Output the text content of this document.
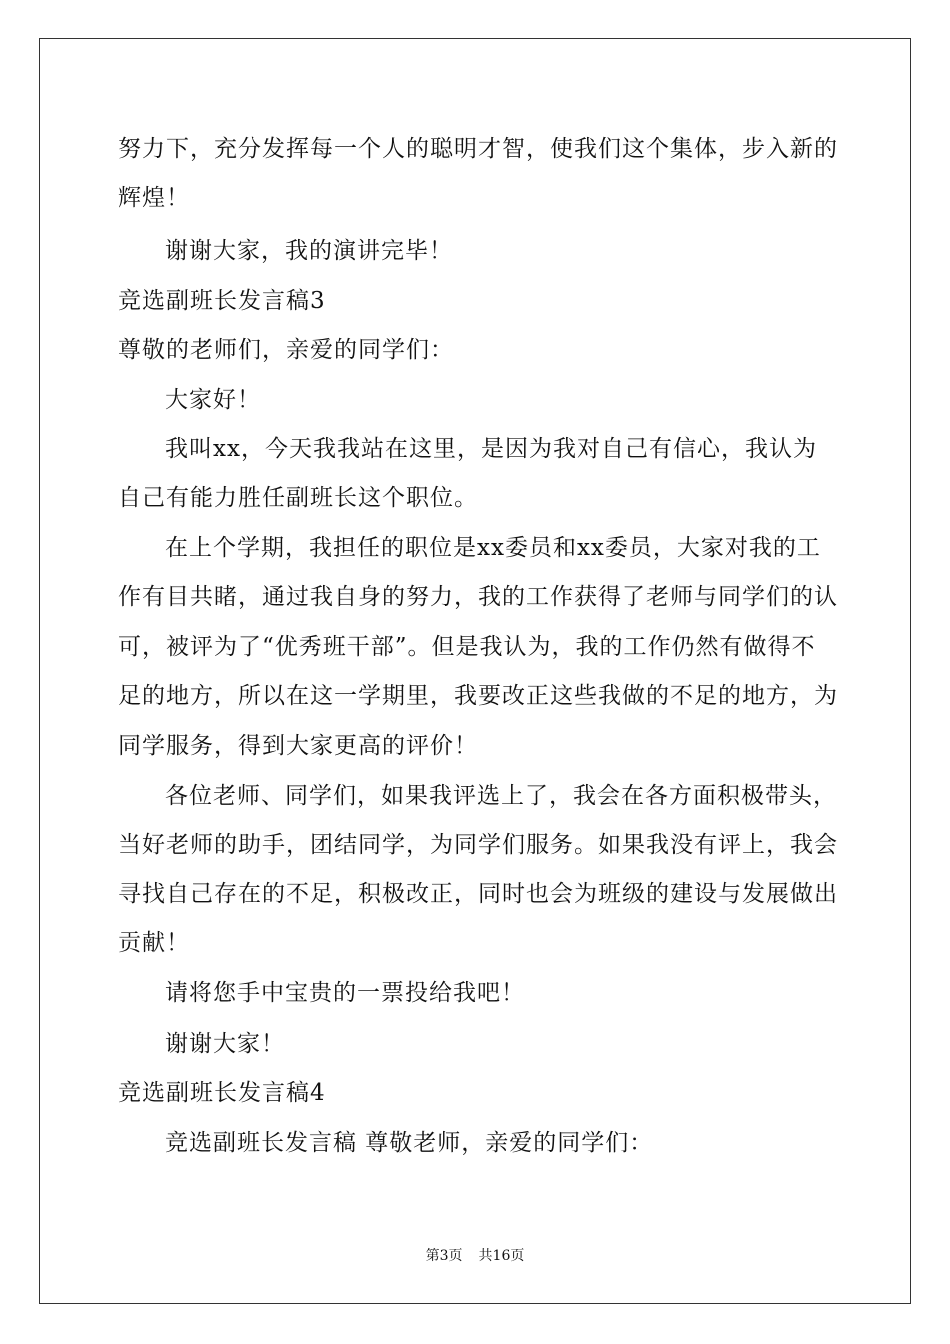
努力下，充分发挥每一个人的聪明才智，使我们这个集体，步入新的
辉煌！
谢谢大家，我的演讲完毕！
竞选副班长发言稿3
尊敬的老师们，亲爱的同学们：
大家好！
我叫xx，今天我我站在这里，是因为我对自己有信心，我认为
自己有能力胜任副班长这个职位。
在上个学期，我担任的职位是xx委员和xx委员，大家对我的工
作有目共睹，通过我自身的努力，我的工作获得了老师与同学们的认
可，被评为了“优秀班干部”。但是我认为，我的工作仍然有做得不
足的地方，所以在这一学期里，我要改正这些我做的不足的地方，为
同学服务，得到大家更高的评价！
各位老师、同学们，如果我评选上了，我会在各方面积极带头，
当好老师的助手，团结同学，为同学们服务。如果我没有评上，我会
寻找自己存在的不足，积极改正，同时也会为班级的建设与发展做出
贡献！
请将您手中宝贵的一票投给我吧！
谢谢大家！
竞选副班长发言稿4
竞选副班长发言稿 尊敬老师，亲爱的同学们：
第3页 共16页
